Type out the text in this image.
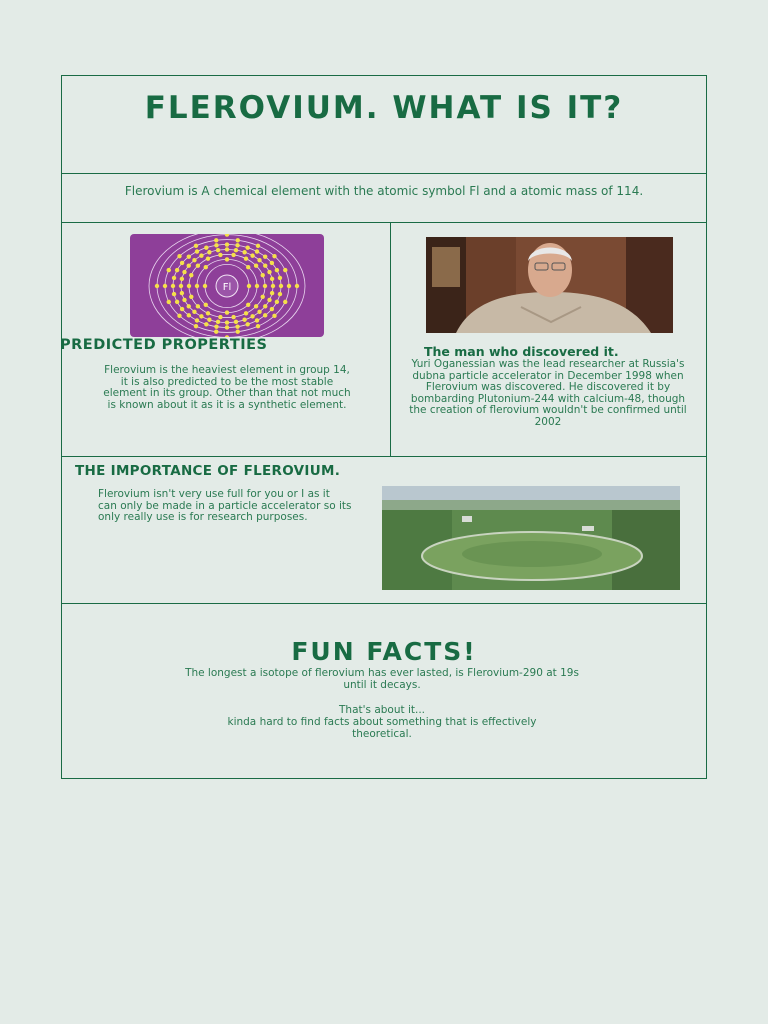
FLEROVIUM. WHAT IS IT?
Flerovium is A chemical element with the atomic symbol Fl and a atomic mass of 114.
Fl
PREDICTED PROPERTIES
Flerovium is the heaviest element in group 14, it is also predicted to be the most stable element in its group. Other than that not much is known about it as it is a synthetic element.
The man who discovered it.
Yuri Oganessian was the lead researcher at Russia's dubna particle accelerator in December 1998 when Flerovium was discovered. He discovered it by bombarding Plutonium-244 with calcium-48, though the creation of flerovium wouldn't be confirmed until 2002
THE IMPORTANCE OF FLEROVIUM.
Flerovium isn't very use full for you or I as it can only be made in a particle accelerator so its only really use is for research purposes.
FUN FACTS!
The longest a isotope of flerovium has ever lasted, is Flerovium-290 at 19s until it decays.
That's about it...
kinda hard to find facts about something that is effectively theoretical.
